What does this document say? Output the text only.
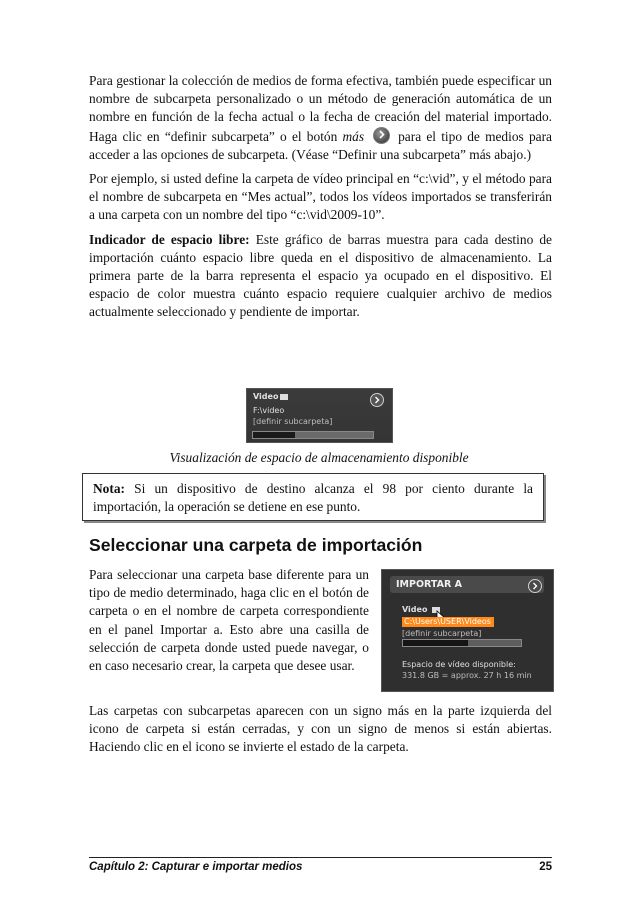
Para gestionar la colección de medios de forma efectiva, también puede especificar un nombre de subcarpeta personalizado o un método de generación automática de un nombre en función de la fecha actual o la fecha de creación del material importado. Haga clic en “definir subcarpeta” o el botón más	para el tipo de medios para acceder a las opciones de subcarpeta. (Véase “Definir una subcarpeta” más abajo.)

Por ejemplo, si usted define la carpeta de vídeo principal en “c:\vid”, y el método para el nombre de subcarpeta en “Mes actual”, todos los vídeos importados se transferirán a una carpeta con un nombre del tipo “c:\vid\2009-10”.

Indicador de espacio libre: Este gráfico de barras muestra para cada destino de importación cuánto espacio libre queda en el dispositivo de almacenamiento. La primera parte de la barra representa el espacio ya ocupado en el dispositivo. El espacio de color muestra cuánto espacio requiere cualquier archivo de medios actualmente seleccionado y pendiente de importar.

Video
F:\video
[definir subcarpeta]
Visualización de espacio de almacenamiento disponible

Nota: Si un dispositivo de destino alcanza el 98 por ciento durante la importación, la operación se detiene en ese punto.

Seleccionar una carpeta de importación

Para seleccionar una carpeta base diferente para un tipo de medio determinado, haga clic en el botón de carpeta o en el nombre de carpeta correspondiente en el panel Importar a. Esto abre una casilla de selección de carpeta donde usted puede navegar, o en caso necesario crear, la carpeta que desee usar.

IMPORTAR A
Video
C:\Users\USER\Videos
[definir subcarpeta]
Espacio de vídeo disponible:
331.8 GB = approx. 27 h 16 min

Las carpetas con subcarpetas aparecen con un signo más en la parte izquierda del icono de carpeta si están cerradas, y con un signo de menos si están abiertas. Haciendo clic en el icono se invierte el estado de la carpeta.

Capítulo 2: Capturar e importar medios	25
